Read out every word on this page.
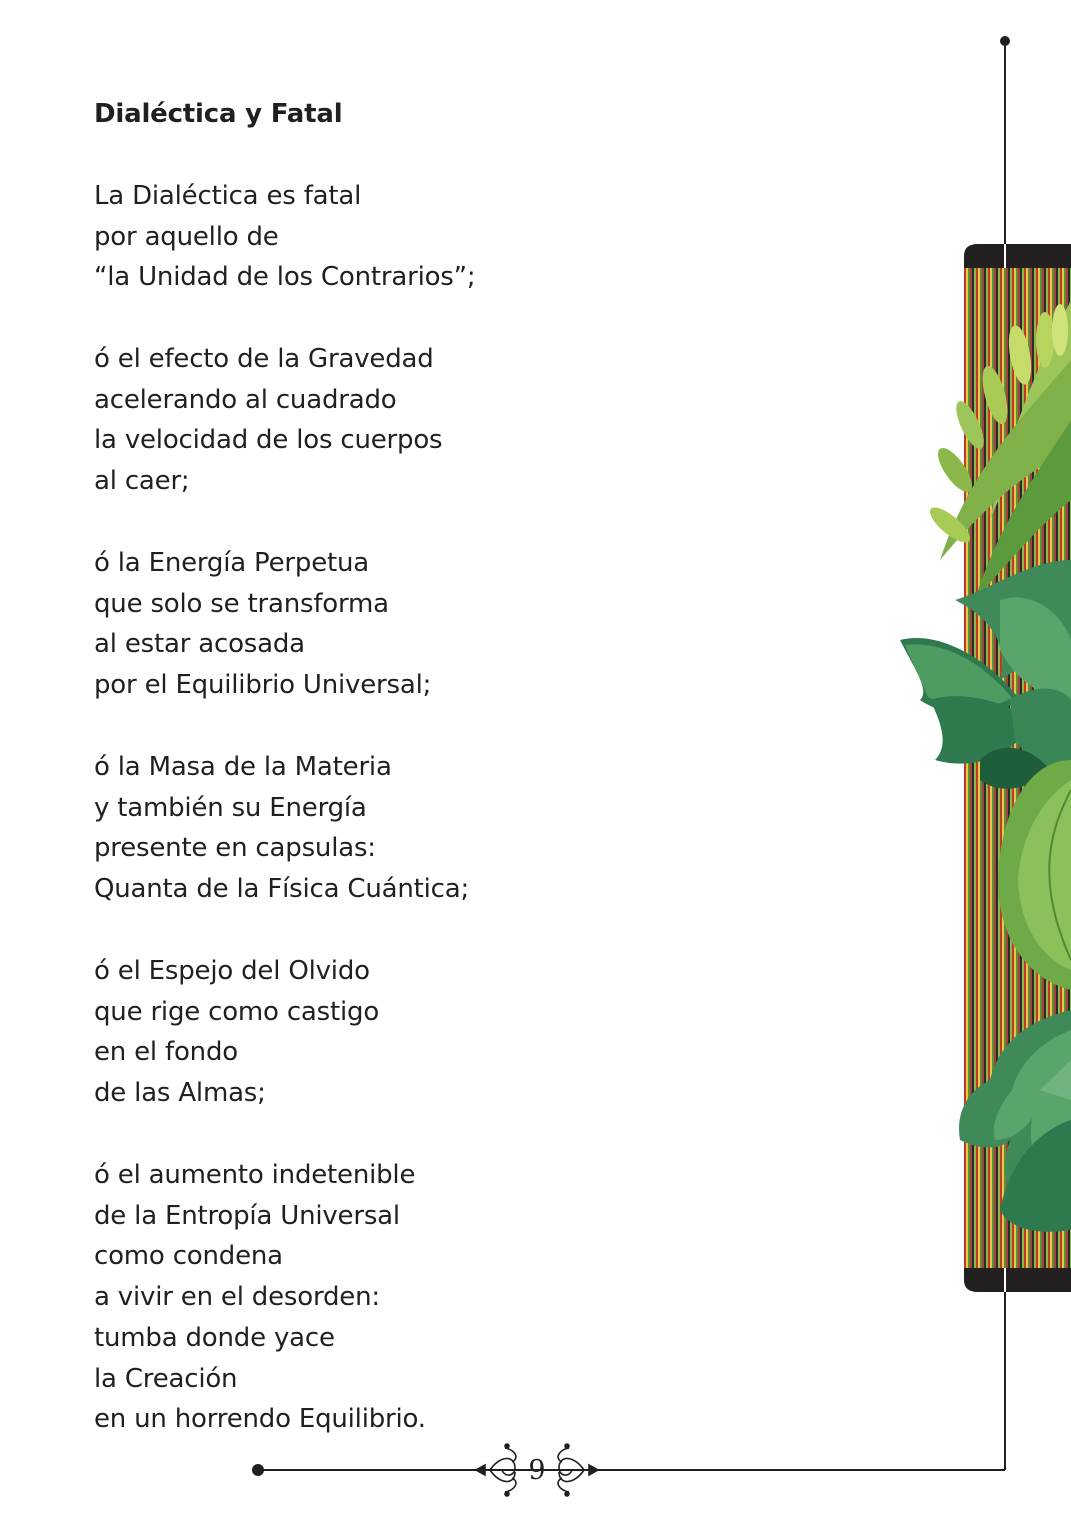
Dialéctica y Fatal
La Dialéctica es fatal
por aquello de
“la Unidad de los Contrarios”;
ó el efecto de la Gravedad
acelerando al cuadrado
la velocidad de los cuerpos
al caer;
ó la Energía Perpetua
que solo se transforma
al estar acosada
por el Equilibrio Universal;
ó la Masa de la Materia
y también su Energía
presente en capsulas:
Quanta de la Física Cuántica;
ó el Espejo del Olvido
que rige como castigo
en el fondo
de las Almas;
ó el aumento indetenible
de la Entropía Universal
como condena
a vivir en el desorden:
tumba donde yace
la Creación
en un horrendo Equilibrio.
9
